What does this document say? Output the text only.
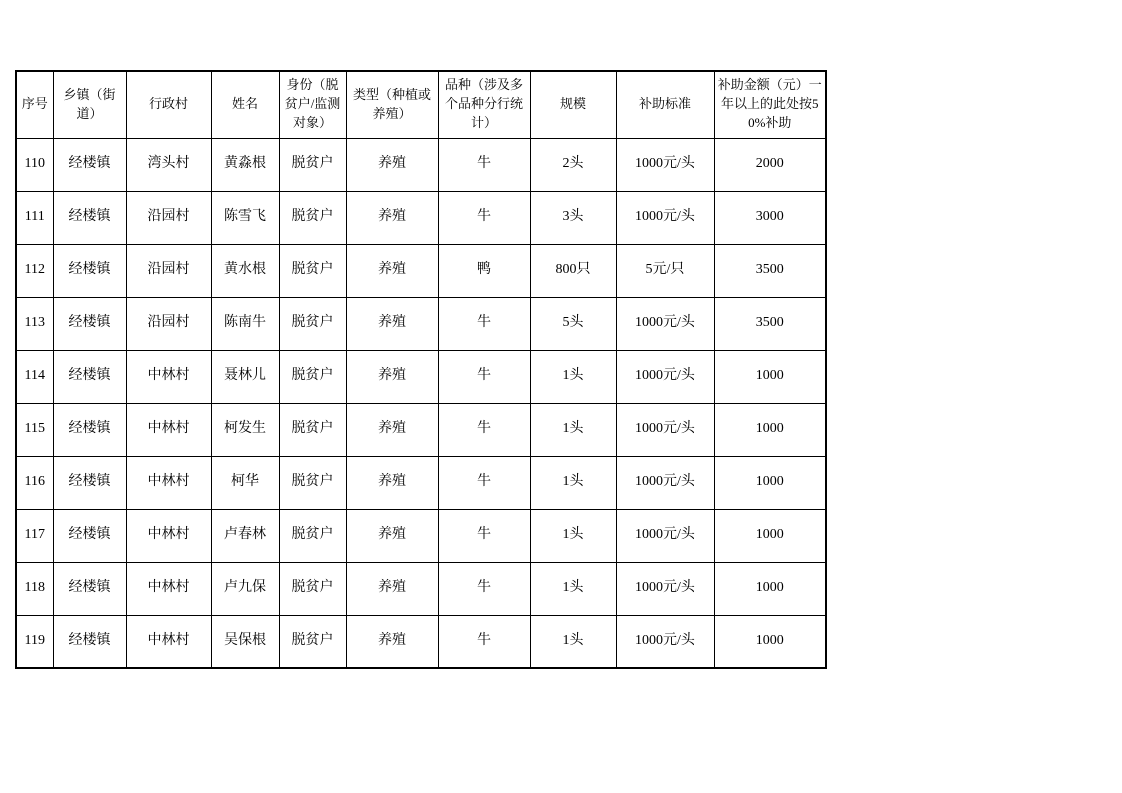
序号	乡镇（街道）	行政村	姓名	身份（脱贫户/监测对象）	类型（种植或养殖）	品种（涉及多个品种分行统计）	规模	补助标准	补助金额（元）一年以上的此处按50%补助
110	经楼镇	湾头村	黄淼根	脱贫户	养殖	牛	2头	1000元/头	2000
111	经楼镇	沿园村	陈雪飞	脱贫户	养殖	牛	3头	1000元/头	3000
112	经楼镇	沿园村	黄水根	脱贫户	养殖	鸭	800只	5元/只	3500
113	经楼镇	沿园村	陈南牛	脱贫户	养殖	牛	5头	1000元/头	3500
114	经楼镇	中林村	聂林儿	脱贫户	养殖	牛	1头	1000元/头	1000
115	经楼镇	中林村	柯发生	脱贫户	养殖	牛	1头	1000元/头	1000
116	经楼镇	中林村	柯华	脱贫户	养殖	牛	1头	1000元/头	1000
117	经楼镇	中林村	卢春林	脱贫户	养殖	牛	1头	1000元/头	1000
118	经楼镇	中林村	卢九保	脱贫户	养殖	牛	1头	1000元/头	1000
119	经楼镇	中林村	吴保根	脱贫户	养殖	牛	1头	1000元/头	1000
